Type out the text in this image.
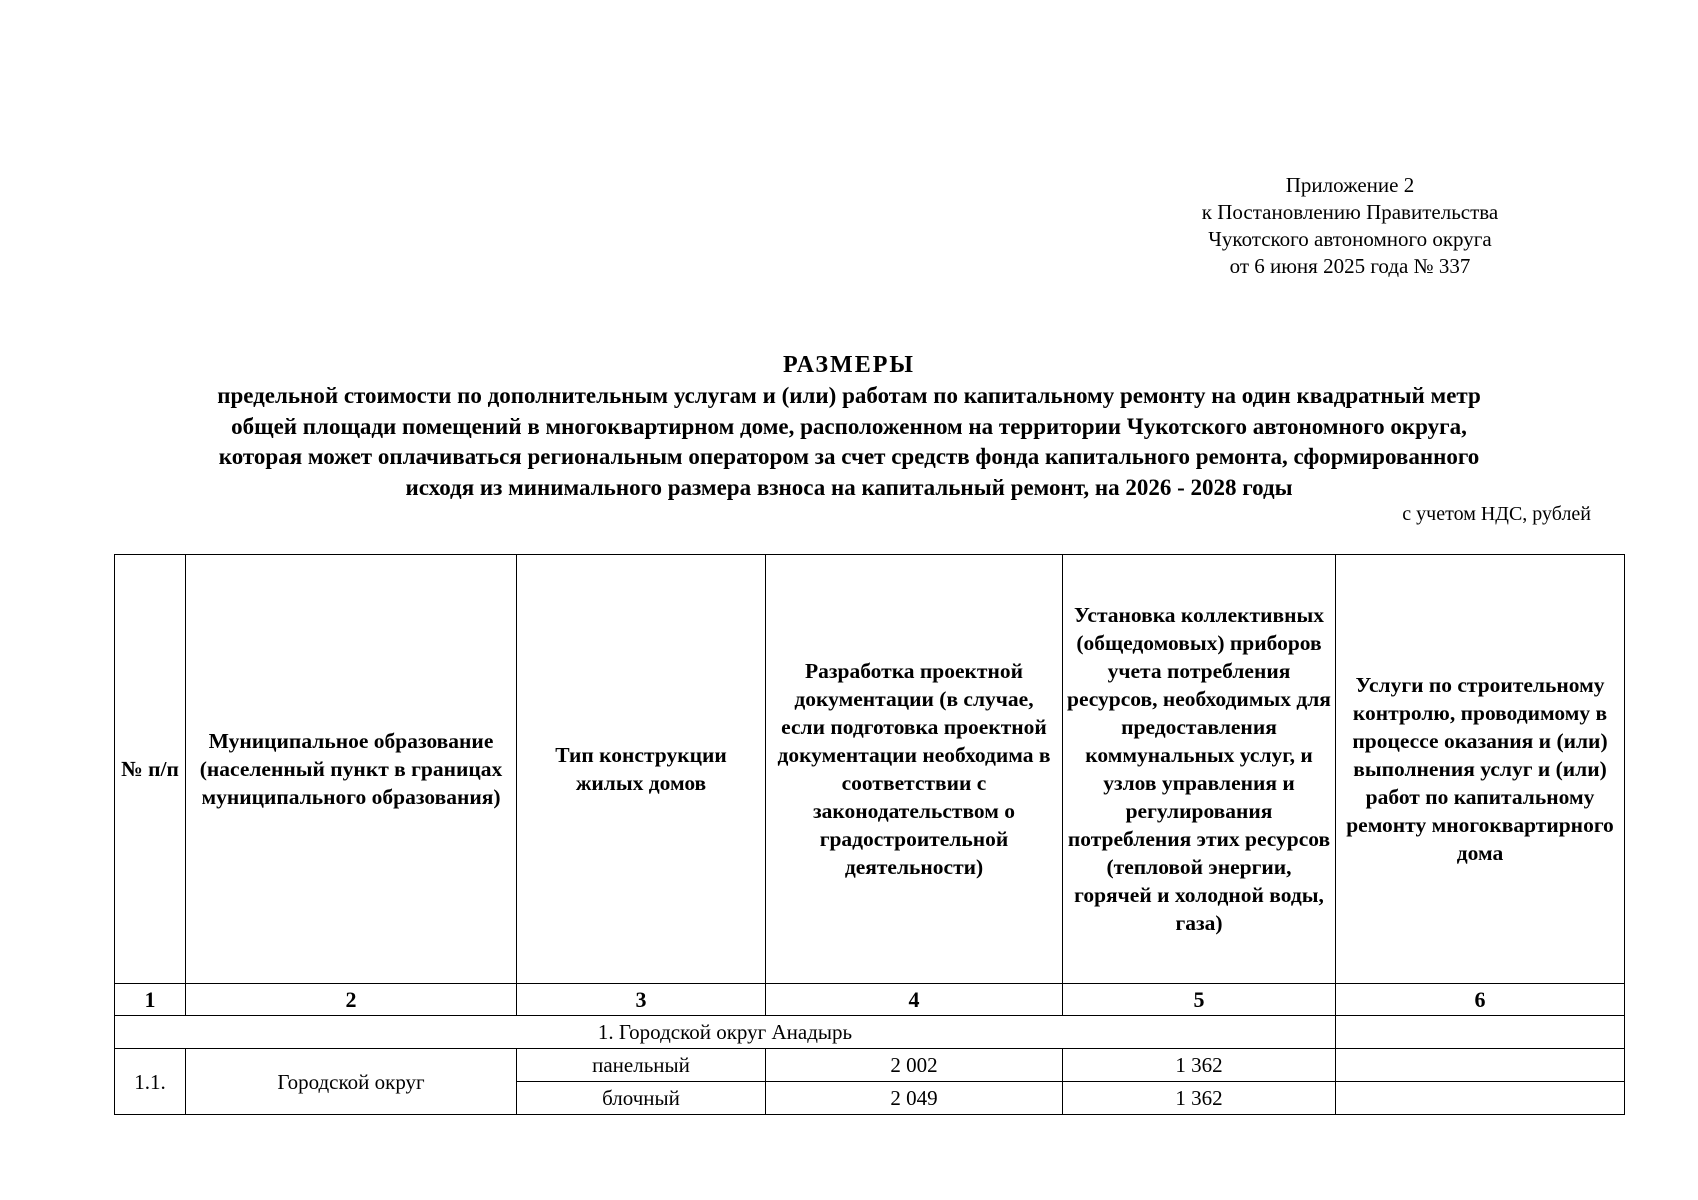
Приложение 2
к Постановлению Правительства
Чукотского автономного округа
от 6 июня 2025 года № 337
РАЗМЕРЫ
предельной стоимости по дополнительным услугам и (или) работам по капитальному ремонту на один квадратный метр
общей площади помещений в многоквартирном доме, расположенном на территории Чукотского автономного округа,
которая может оплачиваться региональным оператором за счет средств фонда капитального ремонта, сформированного
исходя из минимального размера взноса на капитальный ремонт, на 2026 - 2028 годы
с учетом НДС, рублей
№ п/п	Муниципальное образование (населенный пункт в границах муниципального образования)	Тип конструкции жилых домов	Разработка проектной документации (в случае, если подготовка проектной документации необходима в соответствии с законодательством о градостроительной деятельности)	Установка коллективных (общедомовых) приборов учета потребления ресурсов, необходимых для предоставления коммунальных услуг, и узлов управления и регулирования потребления этих ресурсов (тепловой энергии, горячей и холодной воды, газа)	Услуги по строительному контролю, проводимому в процессе оказания и (или) выполнения услуг и (или) работ по капитальному ремонту многоквартирного дома
1	2	3	4	5	6
1. Городской округ Анадырь					
1.1.	Городской округ	панельный	2 002	1 362	
		блочный	2 049	1 362	
